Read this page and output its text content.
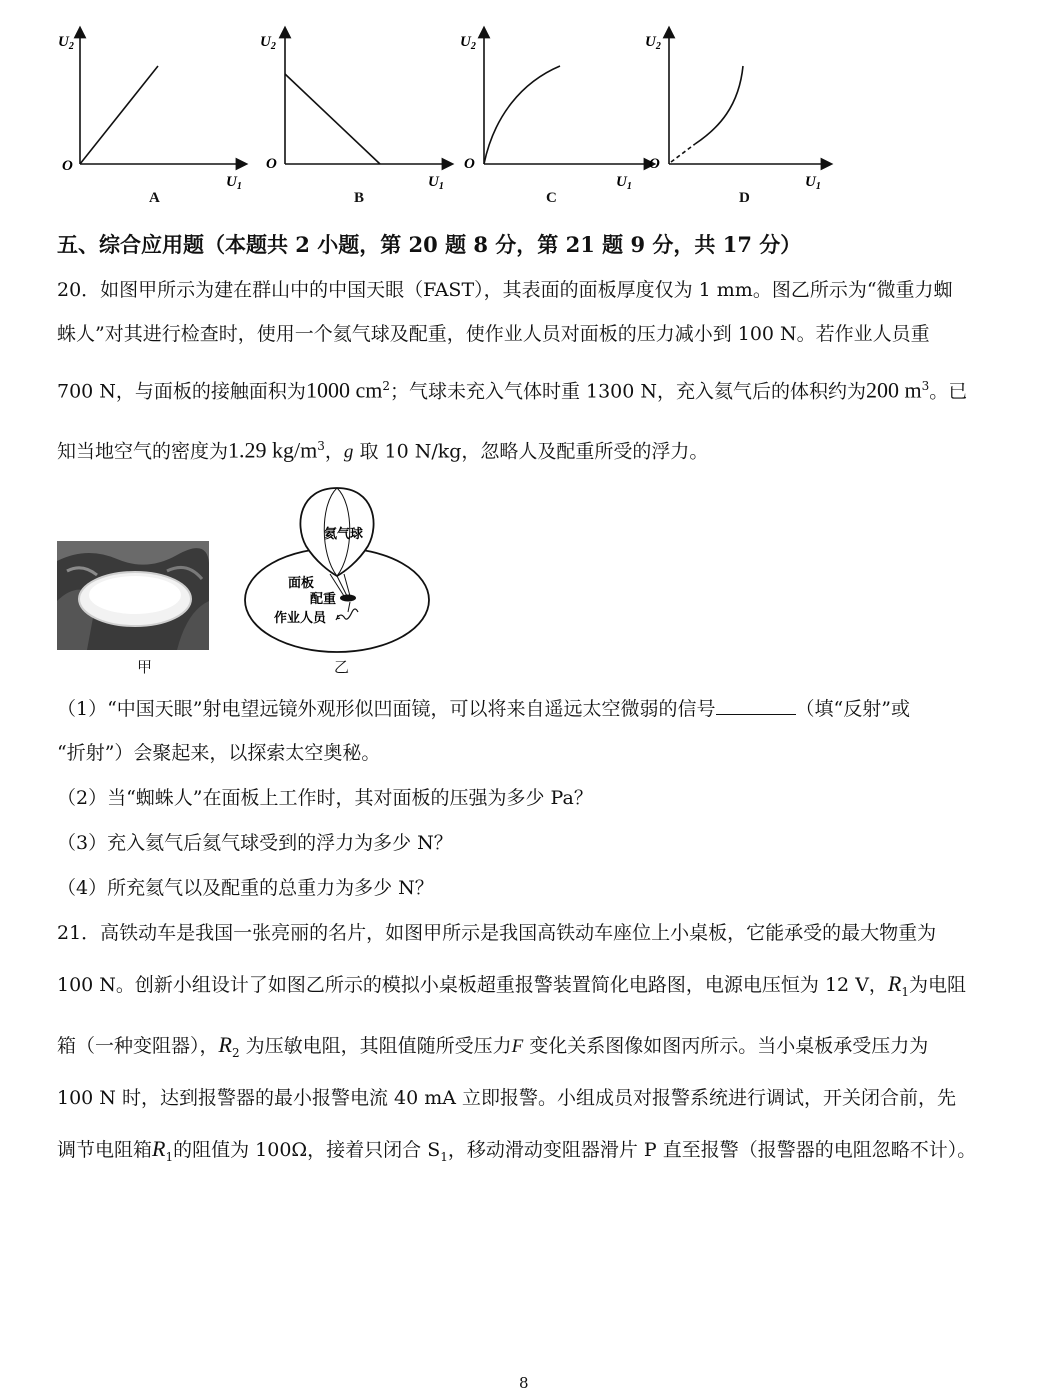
$U_2$
O
$U_1$
A
$U_2$
O
$U_1$
B
$U_2$
O
$U_1$
C
$U_2$
O
$U_1$
D
五、综合应用题（本题共 2 小题，第 20 题 8 分，第 21 题 9 分，共 17 分）
20．如图甲所示为建在群山中的中国天眼（FAST），其表面的面板厚度仅为 1 mm。图乙所示为“微重力蜘
蛛人”对其进行检查时，使用一个氦气球及配重，使作业人员对面板的压力减小到 100 N。若作业人员重
700 N，与面板的接触面积为1000 $cm^2$；气球未充入气体时重 1300 N，充入氦气后的体积约为200 $m^3$。已
知当地空气的密度为1.29 $kg/m^3$，g 取 10 N/kg，忽略人及配重所受的浮力。
甲
氦气球
面板
配重
作业人员
乙
（1）“中国天眼”射电望远镜外观形似凹面镜，可以将来自遥远太空微弱的信号	（填“反射”或
“折射”）会聚起来，以探索太空奥秘。
（2）当“蜘蛛人”在面板上工作时，其对面板的压强为多少 Pa？
（3）充入氦气后氦气球受到的浮力为多少 N？
（4）所充氦气以及配重的总重力为多少 N？
21．高铁动车是我国一张亮丽的名片，如图甲所示是我国高铁动车座位上小桌板，它能承受的最大物重为
100 N。创新小组设计了如图乙所示的模拟小桌板超重报警装置简化电路图，电源电压恒为 12 V，$R_1$为电阻
箱（一种变阻器），$R_2$ 为压敏电阻，其阻值随所受压力F 变化关系图像如图丙所示。当小桌板承受压力为
100 N 时，达到报警器的最小报警电流 40 mA 立即报警。小组成员对报警系统进行调试，开关闭合前，先
调节电阻箱$R_1$的阻值为 100Ω，接着只闭合 $S_1$，移动滑动变阻器滑片 P 直至报警（报警器的电阻忽略不计）。
8
